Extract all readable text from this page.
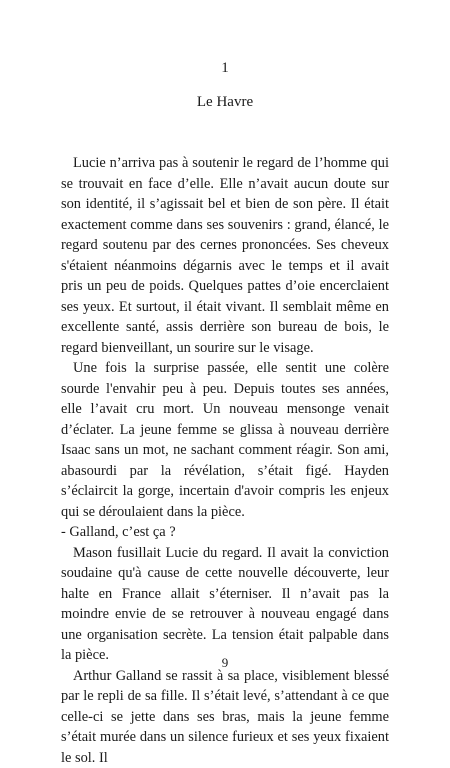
1
Le Havre

Lucie n’arriva pas à soutenir le regard de l’homme qui se trouvait en face d’elle. Elle n’avait aucun doute sur son identité, il s’agissait bel et bien de son père. Il était exactement comme dans ses souvenirs : grand, élancé, le regard soutenu par des cernes prononcées. Ses cheveux s'étaient néanmoins dégarnis avec le temps et il avait pris un peu de poids. Quelques pattes d’oie encerclaient ses yeux. Et surtout, il était vivant. Il semblait même en excellente santé, assis derrière son bureau de bois, le regard bienveillant, un sourire sur le visage.

Une fois la surprise passée, elle sentit une colère sourde l'envahir peu à peu. Depuis toutes ses années, elle l’avait cru mort. Un nouveau mensonge venait d’éclater. La jeune femme se glissa à nouveau derrière Isaac sans un mot, ne sachant comment réagir. Son ami, abasourdi par la révélation, s’était figé. Hayden s’éclaircit la gorge, incertain d'avoir compris les enjeux qui se déroulaient dans la pièce.

- Galland, c’est ça ?

Mason fusillait Lucie du regard. Il avait la conviction soudaine qu'à cause de cette nouvelle découverte, leur halte en France allait s’éterniser. Il n’avait pas la moindre envie de se retrouver à nouveau engagé dans une organisation secrète. La tension était palpable dans la pièce.

Arthur Galland se rassit à sa place, visiblement blessé par le repli de sa fille. Il s’était levé, s’attendant à ce que celle-ci se jette dans ses bras, mais la jeune femme s’était murée dans un silence furieux et ses yeux fixaient le sol. Il

9
